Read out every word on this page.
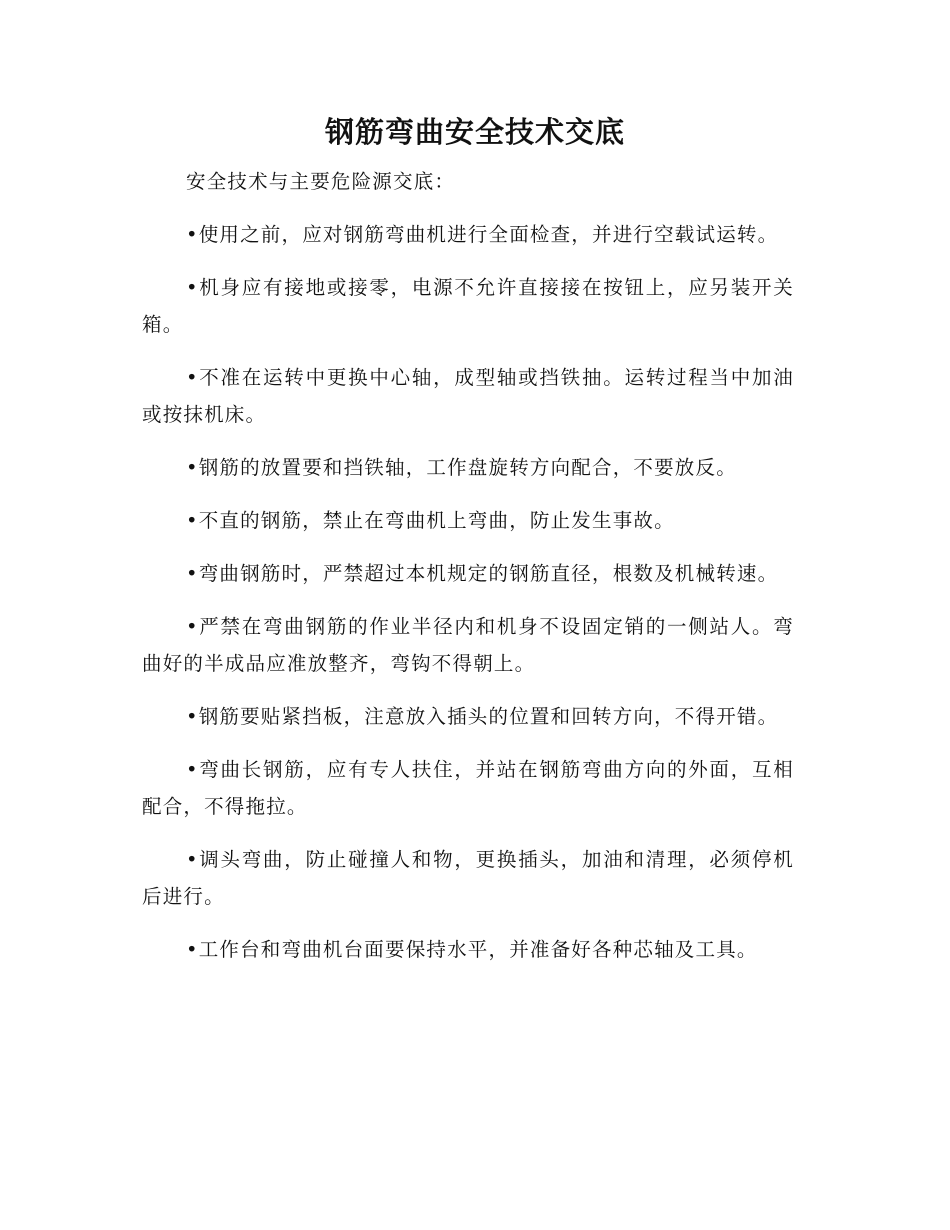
钢筋弯曲安全技术交底

安全技术与主要危险源交底：

•使用之前，应对钢筋弯曲机进行全面检查，并进行空载试运转。

•机身应有接地或接零，电源不允许直接接在按钮上，应另装开关箱。

•不准在运转中更换中心轴，成型轴或挡铁抽。运转过程当中加油或按抹机床。

•钢筋的放置要和挡铁轴，工作盘旋转方向配合，不要放反。

•不直的钢筋，禁止在弯曲机上弯曲，防止发生事故。

•弯曲钢筋时，严禁超过本机规定的钢筋直径，根数及机械转速。

•严禁在弯曲钢筋的作业半径内和机身不设固定销的一侧站人。弯曲好的半成品应准放整齐，弯钩不得朝上。

•钢筋要贴紧挡板，注意放入插头的位置和回转方向，不得开错。

•弯曲长钢筋，应有专人扶住，并站在钢筋弯曲方向的外面，互相配合，不得拖拉。

•调头弯曲，防止碰撞人和物，更换插头，加油和清理，必须停机后进行。

•工作台和弯曲机台面要保持水平，并准备好各种芯轴及工具。
